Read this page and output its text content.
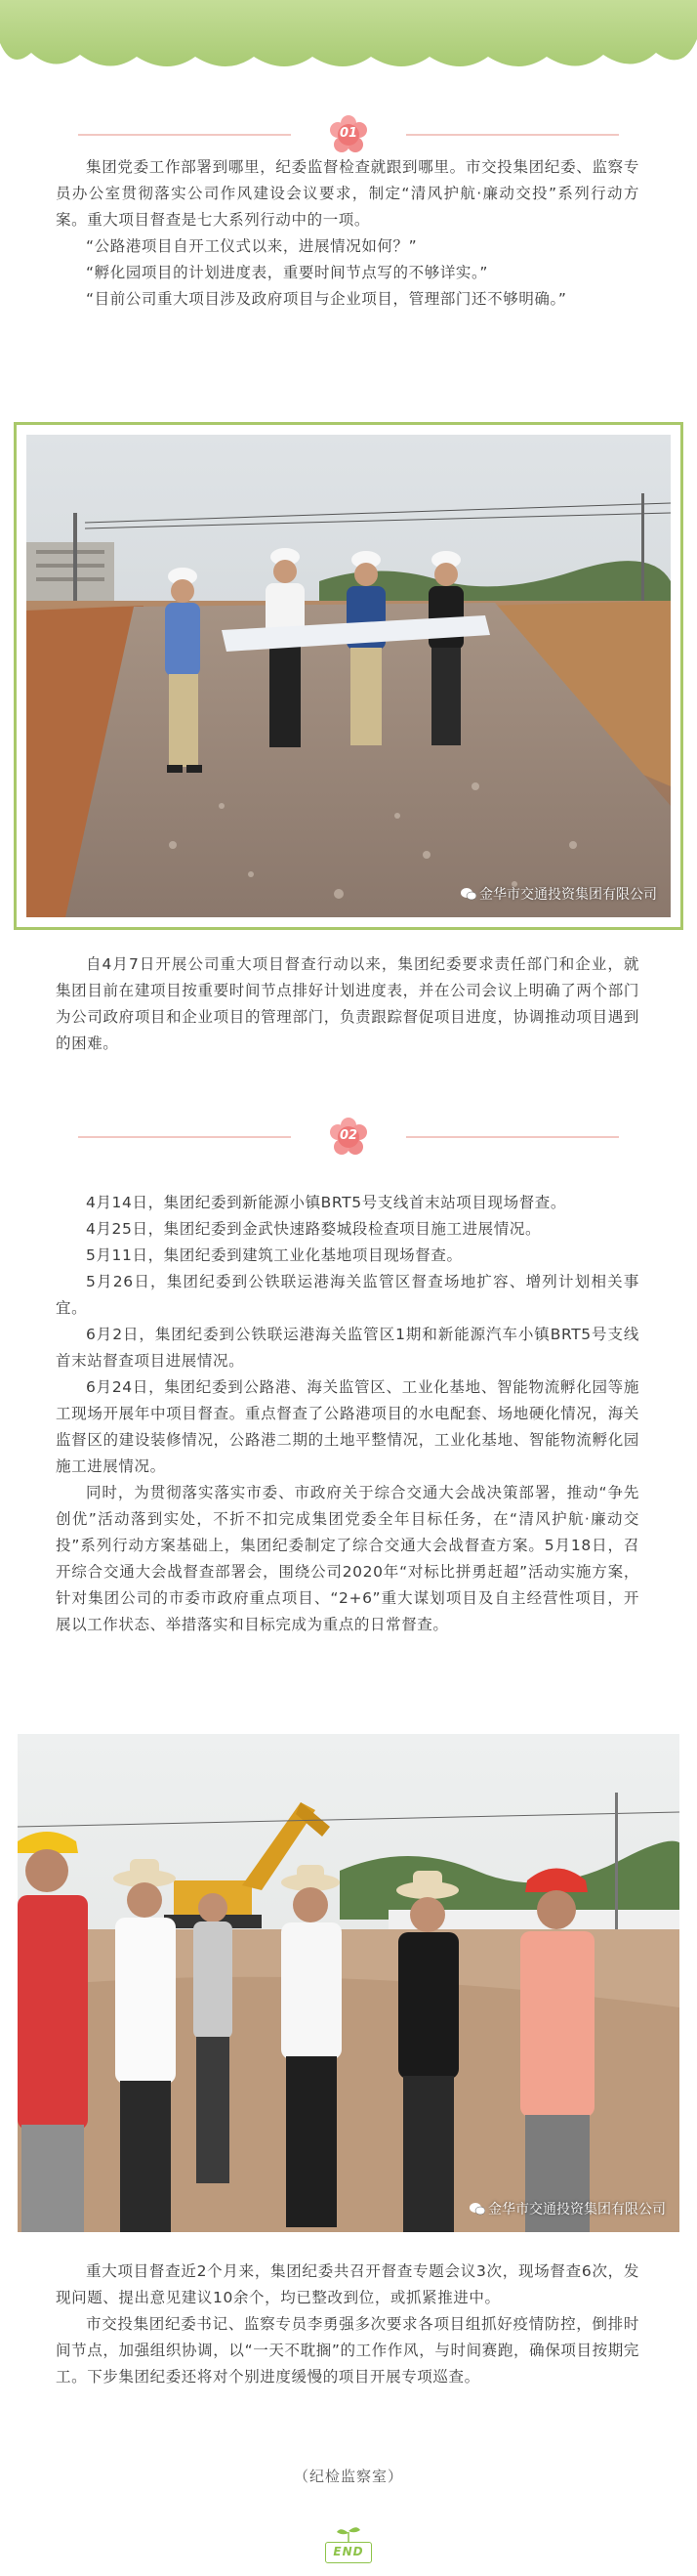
01

集团党委工作部署到哪里，纪委监督检查就跟到哪里。市交投集团纪委、监察专员办公室贯彻落实公司作风建设会议要求，制定“清风护航·廉动交投”系列行动方案。重大项目督查是七大系列行动中的一项。

“公路港项目自开工仪式以来，进展情况如何？”

“孵化园项目的计划进度表，重要时间节点写的不够详实。”

“目前公司重大项目涉及政府项目与企业项目，管理部门还不够明确。”

金华市交通投资集团有限公司

自4月7日开展公司重大项目督查行动以来，集团纪委要求责任部门和企业，就集团目前在建项目按重要时间节点排好计划进度表，并在公司会议上明确了两个部门为公司政府项目和企业项目的管理部门，负责跟踪督促项目进度，协调推动项目遇到的困难。

02

4月14日，集团纪委到新能源小镇BRT5号支线首末站项目现场督查。

4月25日，集团纪委到金武快速路婺城段检查项目施工进展情况。

5月11日，集团纪委到建筑工业化基地项目现场督查。

5月26日，集团纪委到公铁联运港海关监管区督查场地扩容、增列计划相关事宜。

6月2日，集团纪委到公铁联运港海关监管区1期和新能源汽车小镇BRT5号支线首末站督查项目进展情况。

6月24日，集团纪委到公路港、海关监管区、工业化基地、智能物流孵化园等施工现场开展年中项目督查。重点督查了公路港项目的水电配套、场地硬化情况，海关监督区的建设装修情况，公路港二期的土地平整情况，工业化基地、智能物流孵化园施工进展情况。

同时，为贯彻落实落实市委、市政府关于综合交通大会战决策部署，推动“争先创优”活动落到实处，不折不扣完成集团党委全年目标任务，在“清风护航·廉动交投”系列行动方案基础上，集团纪委制定了综合交通大会战督查方案。5月18日，召开综合交通大会战督查部署会，围绕公司2020年“对标比拼勇赶超”活动实施方案，针对集团公司的市委市政府重点项目、“2+6”重大谋划项目及自主经营性项目，开展以工作状态、举措落实和目标完成为重点的日常督查。

金华市交通投资集团有限公司

重大项目督查近2个月来，集团纪委共召开督查专题会议3次，现场督查6次，发现问题、提出意见建议10余个，均已整改到位，或抓紧推进中。

市交投集团纪委书记、监察专员李勇强多次要求各项目组抓好疫情防控，倒排时间节点，加强组织协调，以“一天不耽搁”的工作作风，与时间赛跑，确保项目按期完工。下步集团纪委还将对个别进度缓慢的项目开展专项巡查。

（纪检监察室）
END
